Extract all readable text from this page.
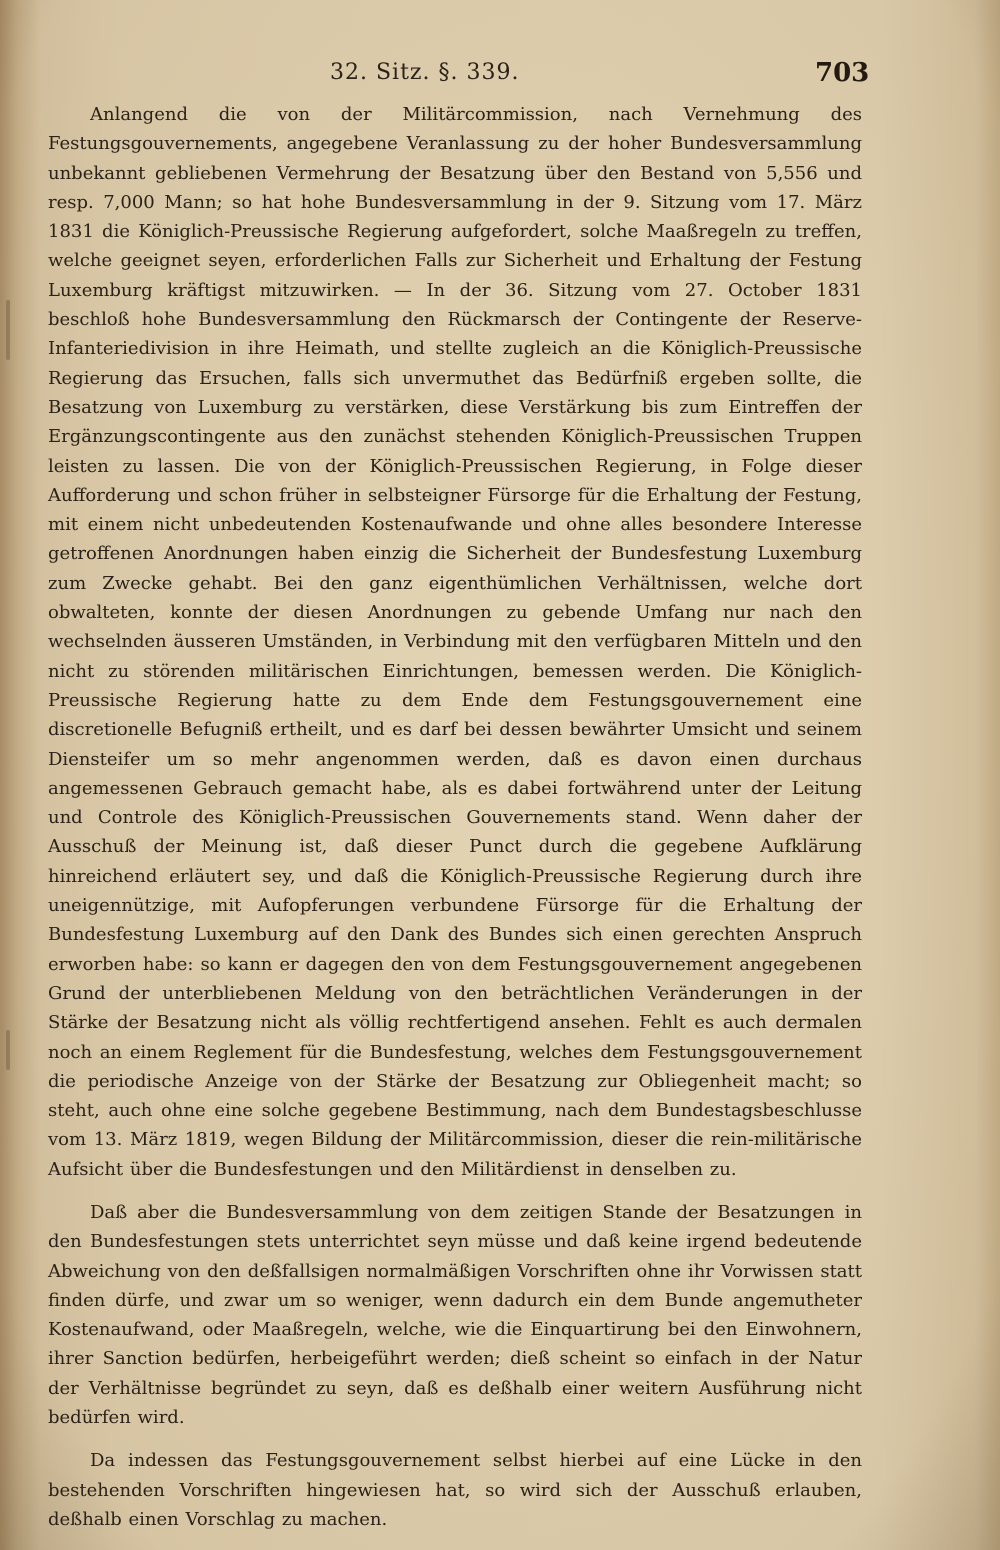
32. Sitz. §. 339.	703

Anlangend die von der Militärcommission, nach Vernehmung des Festungsgouvernements, angegebene Veranlassung zu der hoher Bundesversammlung unbekannt gebliebenen Vermehrung der Besatzung über den Bestand von 5,556 und resp. 7,000 Mann; so hat hohe Bundesversammlung in der 9. Sitzung vom 17. März 1831 die Königlich-Preussische Regierung aufgefordert, solche Maaßregeln zu treffen, welche geeignet seyen, erforderlichen Falls zur Sicherheit und Erhaltung der Festung Luxemburg kräftigst mitzuwirken. — In der 36. Sitzung vom 27. October 1831 beschloß hohe Bundesversammlung den Rückmarsch der Contingente der Reserve-Infanteriedivision in ihre Heimath, und stellte zugleich an die Königlich-Preussische Regierung das Ersuchen, falls sich unvermuthet das Bedürfniß ergeben sollte, die Besatzung von Luxemburg zu verstärken, diese Verstärkung bis zum Eintreffen der Ergänzungscontingente aus den zunächst stehenden Königlich-Preussischen Truppen leisten zu lassen. Die von der Königlich-Preussischen Regierung, in Folge dieser Aufforderung und schon früher in selbsteigner Fürsorge für die Erhaltung der Festung, mit einem nicht unbedeutenden Kostenaufwande und ohne alles besondere Interesse getroffenen Anordnungen haben einzig die Sicherheit der Bundesfestung Luxemburg zum Zwecke gehabt. Bei den ganz eigenthümlichen Verhältnissen, welche dort obwalteten, konnte der diesen Anordnungen zu gebende Umfang nur nach den wechselnden äusseren Umständen, in Verbindung mit den verfügbaren Mitteln und den nicht zu störenden militärischen Einrichtungen, bemessen werden. Die Königlich-Preussische Regierung hatte zu dem Ende dem Festungsgouvernement eine discretionelle Befugniß ertheilt, und es darf bei dessen bewährter Umsicht und seinem Diensteifer um so mehr angenommen werden, daß es davon einen durchaus angemessenen Gebrauch gemacht habe, als es dabei fortwährend unter der Leitung und Controle des Königlich-Preussischen Gouvernements stand. Wenn daher der Ausschuß der Meinung ist, daß dieser Punct durch die gegebene Aufklärung hinreichend erläutert sey, und daß die Königlich-Preussische Regierung durch ihre uneigennützige, mit Aufopferungen verbundene Fürsorge für die Erhaltung der Bundesfestung Luxemburg auf den Dank des Bundes sich einen gerechten Anspruch erworben habe: so kann er dagegen den von dem Festungsgouvernement angegebenen Grund der unterbliebenen Meldung von den beträchtlichen Veränderungen in der Stärke der Besatzung nicht als völlig rechtfertigend ansehen. Fehlt es auch dermalen noch an einem Reglement für die Bundesfestung, welches dem Festungsgouvernement die periodische Anzeige von der Stärke der Besatzung zur Obliegenheit macht; so steht, auch ohne eine solche gegebene Bestimmung, nach dem Bundestagsbeschlusse vom 13. März 1819, wegen Bildung der Militärcommission, dieser die rein-militärische Aufsicht über die Bundesfestungen und den Militärdienst in denselben zu.

Daß aber die Bundesversammlung von dem zeitigen Stande der Besatzungen in den Bundesfestungen stets unterrichtet seyn müsse und daß keine irgend bedeutende Abweichung von den deßfallsigen normalmäßigen Vorschriften ohne ihr Vorwissen statt finden dürfe, und zwar um so weniger, wenn dadurch ein dem Bunde angemutheter Kostenaufwand, oder Maaßregeln, welche, wie die Einquartirung bei den Einwohnern, ihrer Sanction bedürfen, herbeigeführt werden; dieß scheint so einfach in der Natur der Verhältnisse begründet zu seyn, daß es deßhalb einer weitern Ausführung nicht bedürfen wird.

Da indessen das Festungsgouvernement selbst hierbei auf eine Lücke in den bestehenden Vorschriften hingewiesen hat, so wird sich der Ausschuß erlauben, deßhalb einen Vorschlag zu machen.
